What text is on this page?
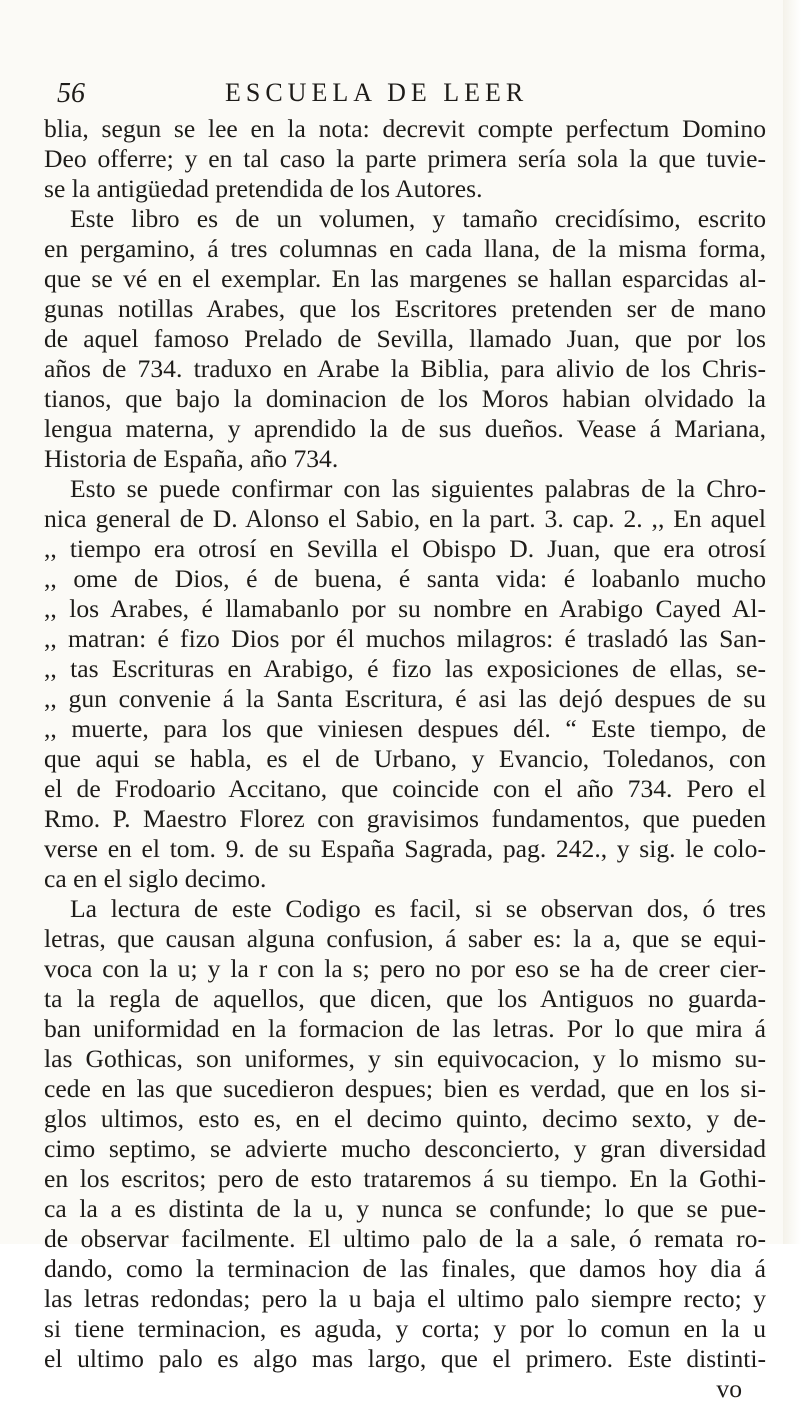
56	ESCUELA DE LEER
blia, segun se lee en la nota: decrevit compte perfectum Domino
Deo offerre; y en tal caso la parte primera sería sola la que tuvie-
se la antigüedad pretendida de los Autores.
Este libro es de un volumen, y tamaño crecidísimo, escrito
en pergamino, á tres columnas en cada llana, de la misma forma,
que se vé en el exemplar. En las margenes se hallan esparcidas al-
gunas notillas Arabes, que los Escritores pretenden ser de mano
de aquel famoso Prelado de Sevilla, llamado Juan, que por los
años de 734. traduxo en Arabe la Biblia, para alivio de los Chris-
tianos, que bajo la dominacion de los Moros habian olvidado la
lengua materna, y aprendido la de sus dueños. Vease á Mariana,
Historia de España, año 734.
Esto se puede confirmar con las siguientes palabras de la Chro-
nica general de D. Alonso el Sabio, en la part. 3. cap. 2. ,, En aquel
,, tiempo era otrosí en Sevilla el Obispo D. Juan, que era otrosí
,, ome de Dios, é de buena, é santa vida: é loabanlo mucho
,, los Arabes, é llamabanlo por su nombre en Arabigo Cayed Al-
,, matran: é fizo Dios por él muchos milagros: é trasladó las San-
,, tas Escrituras en Arabigo, é fizo las exposiciones de ellas, se-
,, gun convenie á la Santa Escritura, é asi las dejó despues de su
,, muerte, para los que viniesen despues dél. “ Este tiempo, de
que aqui se habla, es el de Urbano, y Evancio, Toledanos, con
el de Frodoario Accitano, que coincide con el año 734. Pero el
Rmo. P. Maestro Florez con gravisimos fundamentos, que pueden
verse en el tom. 9. de su España Sagrada, pag. 242., y sig. le colo-
ca en el siglo decimo.
La lectura de este Codigo es facil, si se observan dos, ó tres
letras, que causan alguna confusion, á saber es: la a, que se equi-
voca con la u; y la r con la s; pero no por eso se ha de creer cier-
ta la regla de aquellos, que dicen, que los Antiguos no guarda-
ban uniformidad en la formacion de las letras. Por lo que mira á
las Gothicas, son uniformes, y sin equivocacion, y lo mismo su-
cede en las que sucedieron despues; bien es verdad, que en los si-
glos ultimos, esto es, en el decimo quinto, decimo sexto, y de-
cimo septimo, se advierte mucho desconcierto, y gran diversidad
en los escritos; pero de esto trataremos á su tiempo. En la Gothi-
ca la a es distinta de la u, y nunca se confunde; lo que se pue-
de observar facilmente. El ultimo palo de la a sale, ó remata ro-
dando, como la terminacion de las finales, que damos hoy dia á
las letras redondas; pero la u baja el ultimo palo siempre recto; y
si tiene terminacion, es aguda, y corta; y por lo comun en la u
el ultimo palo es algo mas largo, que el primero. Este distinti-
vo
